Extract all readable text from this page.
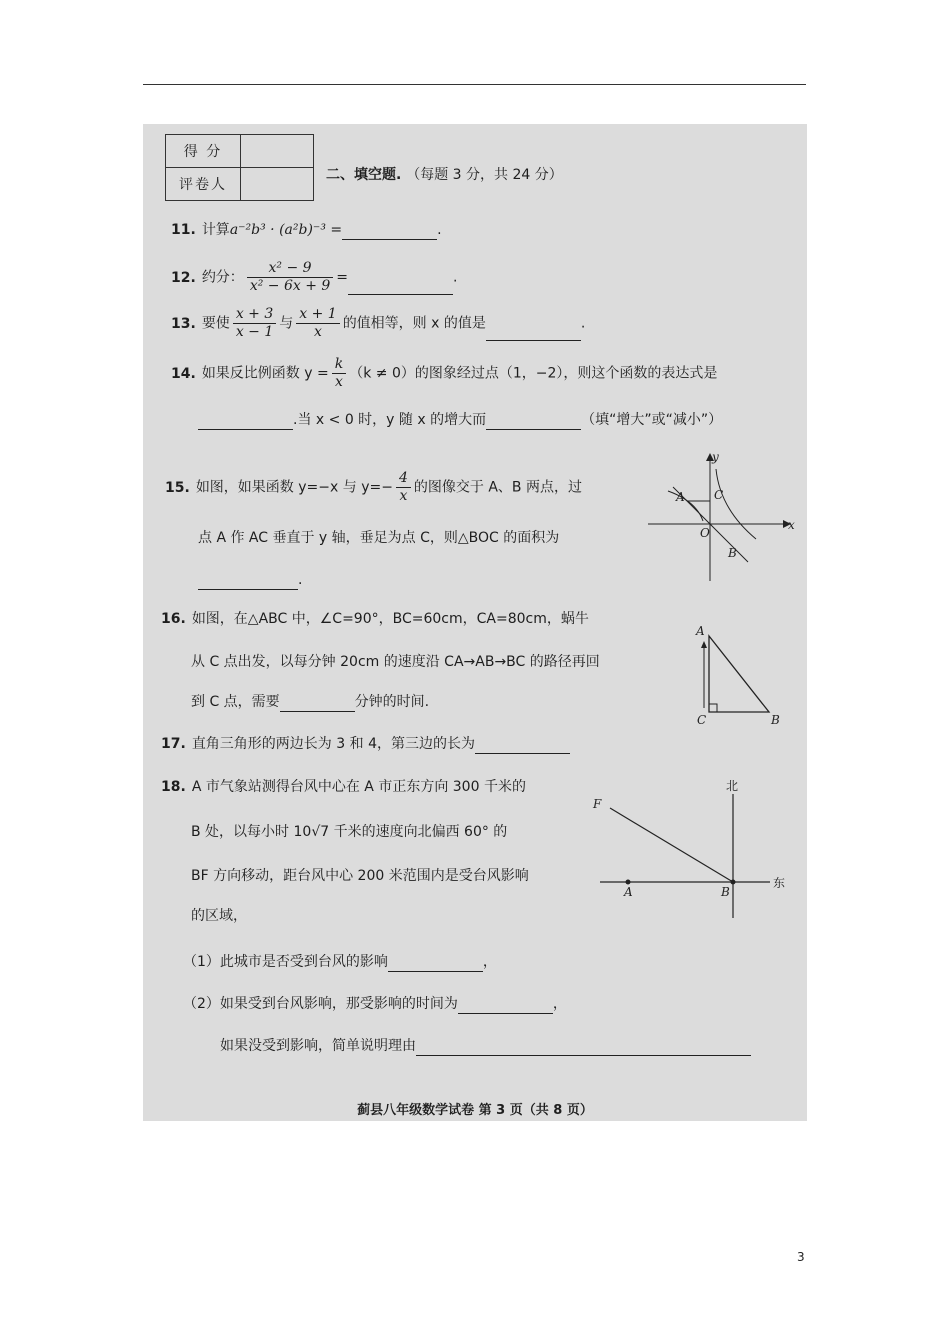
得 分	
评卷人	
二、填空题. （每题 3 分，共 24 分）
11. 计算a⁻²b³ · (a²b)⁻³ =	.
12. 约分： $\frac{\text{x² − 9}}{\text{x² − 6x + 9}}$ =	.
13. 要使 $\frac{x + 3}{x - 1}$ 与 $\frac{x + 1}{x}$ 的值相等，则 x 的值是	.
14. 如果反比例函数 $y = \frac{k}{x} (k \ne 0)$的图象经过点（1，−2），则这个函数的表达式是
.当 x < 0 时，y 随 x 的增大而	（填“增大”或“减小”）
15. 如图，如果函数 y=−x 与 $y=- \frac{4}{x}$ 的图像交于 A、B 两点，过
点 A 作 AC 垂直于 y 轴，垂足为点 C，则△BOC 的面积为
.
y
x
A C
O
B
16. 如图，在△ABC 中，∠C=90°，BC=60cm，CA=80cm，蜗牛
从 C 点出发，以每分钟 20cm 的速度沿 CA→AB→BC 的路径再回
到 C 点，需要	分钟的时间.
A
C	B
17. 直角三角形的两边长为 3 和 4，第三边的长为
18. A 市气象站测得台风中心在 A 市正东方向 300 千米的
B 处，以每小时 10√7 千米的速度向北偏西 60° 的
BF 方向移动，距台风中心 200 米范围内是受台风影响
的区域，
（1）此城市是否受到台风的影响	，
（2）如果受到台风影响，那受影响的时间为	，
如果没受到影响，简单说明理由
北
东
F
A	B
蓟县八年级数学试卷 第 3 页（共 8 页）
3
